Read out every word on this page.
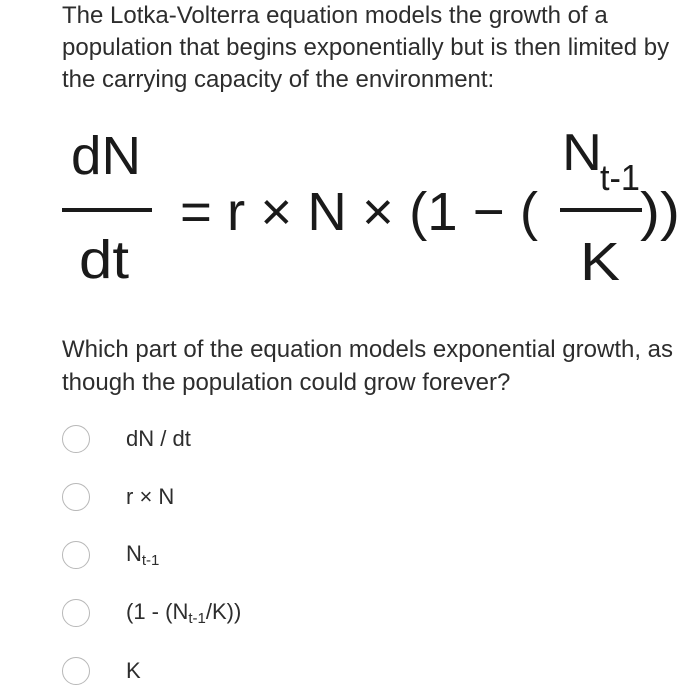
The Lotka-Volterra equation models the growth of a population that begins exponentially but is then limited by the carrying capacity of the environment:
dN
dt
= r × N × (1 − (
N
t-1
K
))
Which part of the equation models exponential growth, as though the population could grow forever?
dN / dt
r × N
$N_{t-1}$
$(1 - (N_{t-1}/K))$
K
